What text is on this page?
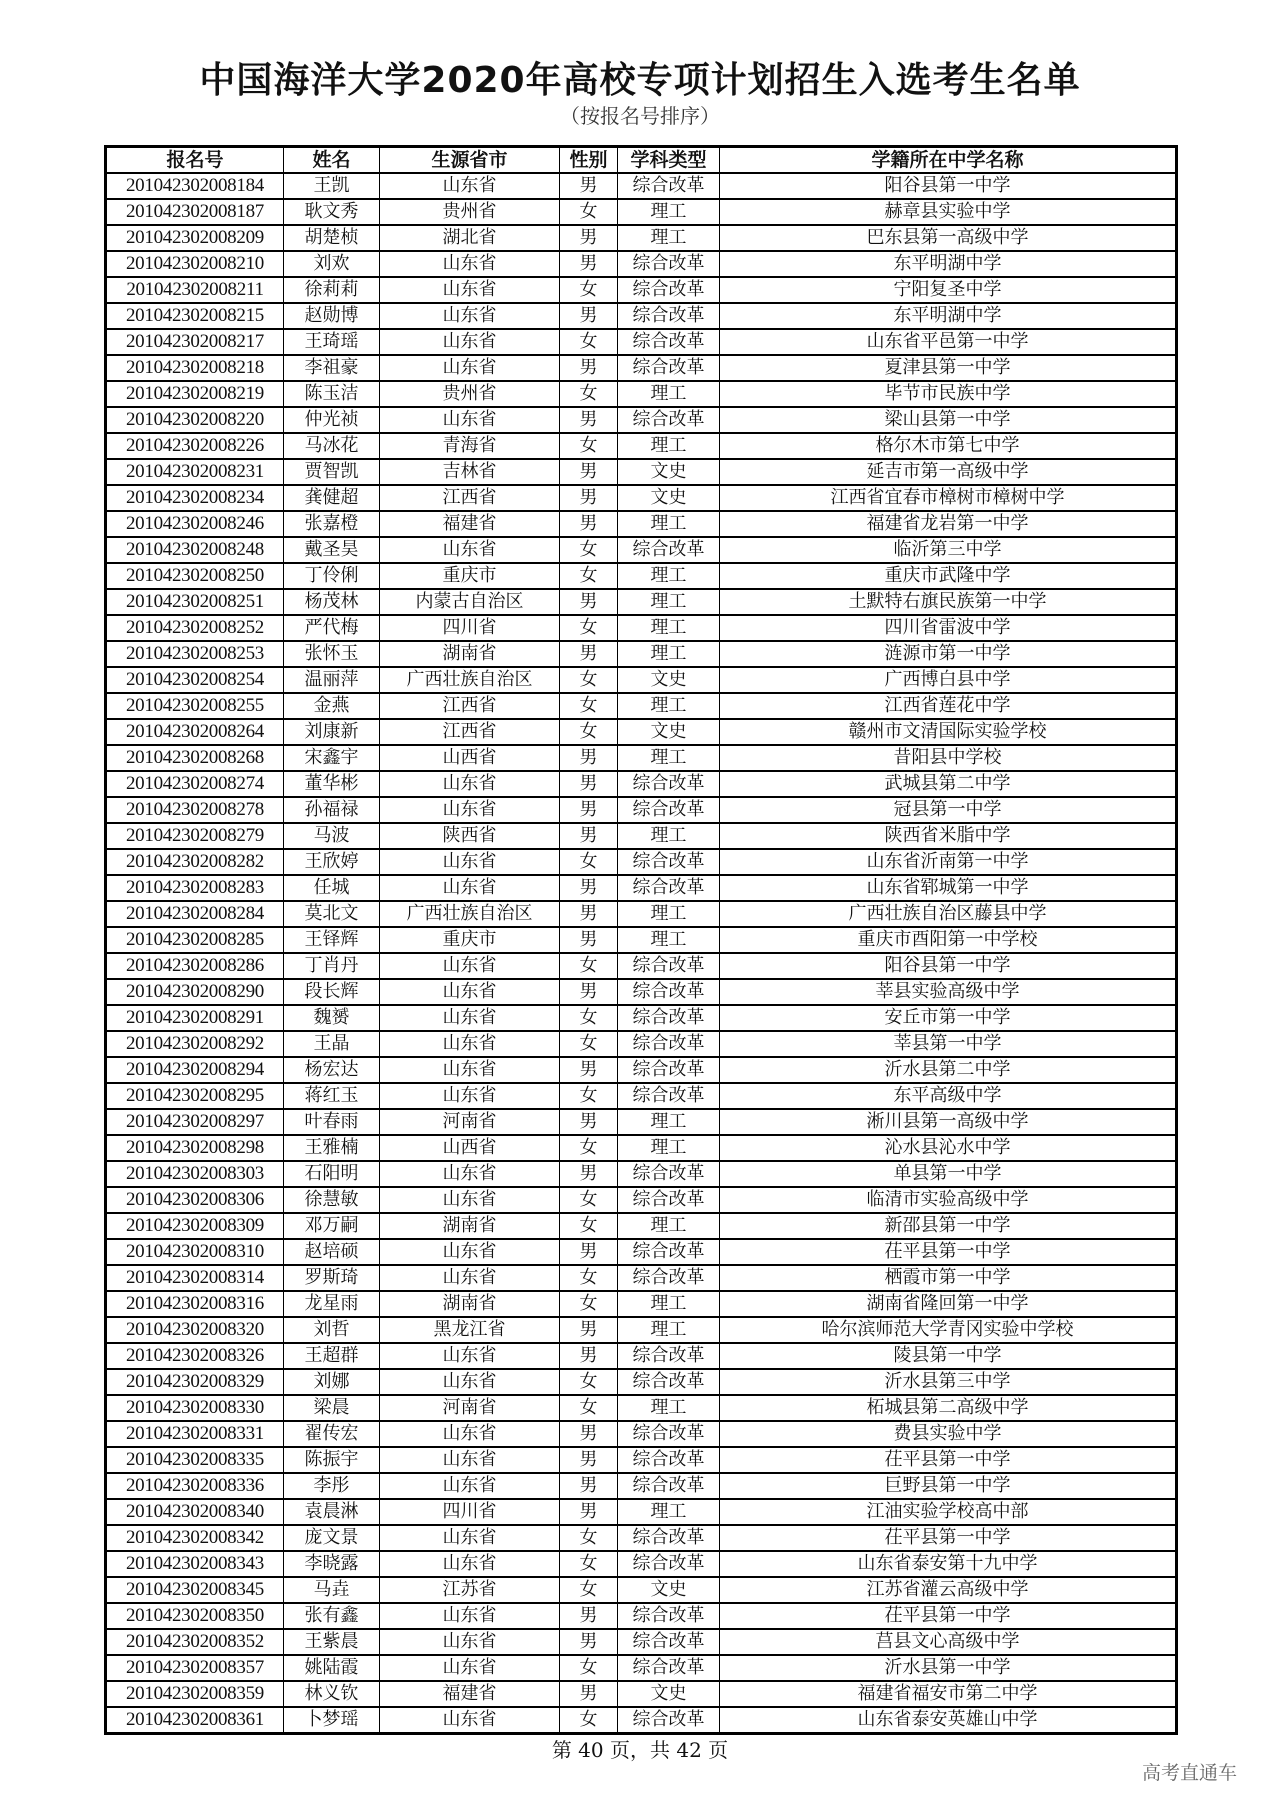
中国海洋大学2020年高校专项计划招生入选考生名单
（按报名号排序）
报名号	姓名	生源省市	性别	学科类型	学籍所在中学名称
201042302008184	王凯	山东省	男	综合改革	阳谷县第一中学
201042302008187	耿文秀	贵州省	女	理工	赫章县实验中学
201042302008209	胡楚桢	湖北省	男	理工	巴东县第一高级中学
201042302008210	刘欢	山东省	男	综合改革	东平明湖中学
201042302008211	徐莉莉	山东省	女	综合改革	宁阳复圣中学
201042302008215	赵勋博	山东省	男	综合改革	东平明湖中学
201042302008217	王琦瑶	山东省	女	综合改革	山东省平邑第一中学
201042302008218	李祖豪	山东省	男	综合改革	夏津县第一中学
201042302008219	陈玉洁	贵州省	女	理工	毕节市民族中学
201042302008220	仲光祯	山东省	男	综合改革	梁山县第一中学
201042302008226	马冰花	青海省	女	理工	格尔木市第七中学
201042302008231	贾智凯	吉林省	男	文史	延吉市第一高级中学
201042302008234	龚健超	江西省	男	文史	江西省宜春市樟树市樟树中学
201042302008246	张嘉橙	福建省	男	理工	福建省龙岩第一中学
201042302008248	戴圣昊	山东省	女	综合改革	临沂第三中学
201042302008250	丁伶俐	重庆市	女	理工	重庆市武隆中学
201042302008251	杨茂林	内蒙古自治区	男	理工	土默特右旗民族第一中学
201042302008252	严代梅	四川省	女	理工	四川省雷波中学
201042302008253	张怀玉	湖南省	男	理工	涟源市第一中学
201042302008254	温丽萍	广西壮族自治区	女	文史	广西博白县中学
201042302008255	金燕	江西省	女	理工	江西省莲花中学
201042302008264	刘康新	江西省	女	文史	赣州市文清国际实验学校
201042302008268	宋鑫宇	山西省	男	理工	昔阳县中学校
201042302008274	董华彬	山东省	男	综合改革	武城县第二中学
201042302008278	孙福禄	山东省	男	综合改革	冠县第一中学
201042302008279	马波	陕西省	男	理工	陕西省米脂中学
201042302008282	王欣婷	山东省	女	综合改革	山东省沂南第一中学
201042302008283	任城	山东省	男	综合改革	山东省郓城第一中学
201042302008284	莫北文	广西壮族自治区	男	理工	广西壮族自治区藤县中学
201042302008285	王铎辉	重庆市	男	理工	重庆市酉阳第一中学校
201042302008286	丁肖丹	山东省	女	综合改革	阳谷县第一中学
201042302008290	段长辉	山东省	男	综合改革	莘县实验高级中学
201042302008291	魏赟	山东省	女	综合改革	安丘市第一中学
201042302008292	王晶	山东省	女	综合改革	莘县第一中学
201042302008294	杨宏达	山东省	男	综合改革	沂水县第二中学
201042302008295	蒋红玉	山东省	女	综合改革	东平高级中学
201042302008297	叶春雨	河南省	男	理工	淅川县第一高级中学
201042302008298	王雅楠	山西省	女	理工	沁水县沁水中学
201042302008303	石阳明	山东省	男	综合改革	单县第一中学
201042302008306	徐慧敏	山东省	女	综合改革	临清市实验高级中学
201042302008309	邓万嗣	湖南省	女	理工	新邵县第一中学
201042302008310	赵培硕	山东省	男	综合改革	茌平县第一中学
201042302008314	罗斯琦	山东省	女	综合改革	栖霞市第一中学
201042302008316	龙星雨	湖南省	女	理工	湖南省隆回第一中学
201042302008320	刘哲	黑龙江省	男	理工	哈尔滨师范大学青冈实验中学校
201042302008326	王超群	山东省	男	综合改革	陵县第一中学
201042302008329	刘娜	山东省	女	综合改革	沂水县第三中学
201042302008330	梁晨	河南省	女	理工	柘城县第二高级中学
201042302008331	翟传宏	山东省	男	综合改革	费县实验中学
201042302008335	陈振宇	山东省	男	综合改革	茌平县第一中学
201042302008336	李彤	山东省	男	综合改革	巨野县第一中学
201042302008340	袁晨淋	四川省	男	理工	江油实验学校高中部
201042302008342	庞文景	山东省	女	综合改革	茌平县第一中学
201042302008343	李晓露	山东省	女	综合改革	山东省泰安第十九中学
201042302008345	马垚	江苏省	女	文史	江苏省灌云高级中学
201042302008350	张有鑫	山东省	男	综合改革	茌平县第一中学
201042302008352	王紫晨	山东省	男	综合改革	莒县文心高级中学
201042302008357	姚陆霞	山东省	女	综合改革	沂水县第一中学
201042302008359	林义钦	福建省	男	文史	福建省福安市第二中学
201042302008361	卜梦瑶	山东省	女	综合改革	山东省泰安英雄山中学
第 40 页，共 42 页
高考直通车
